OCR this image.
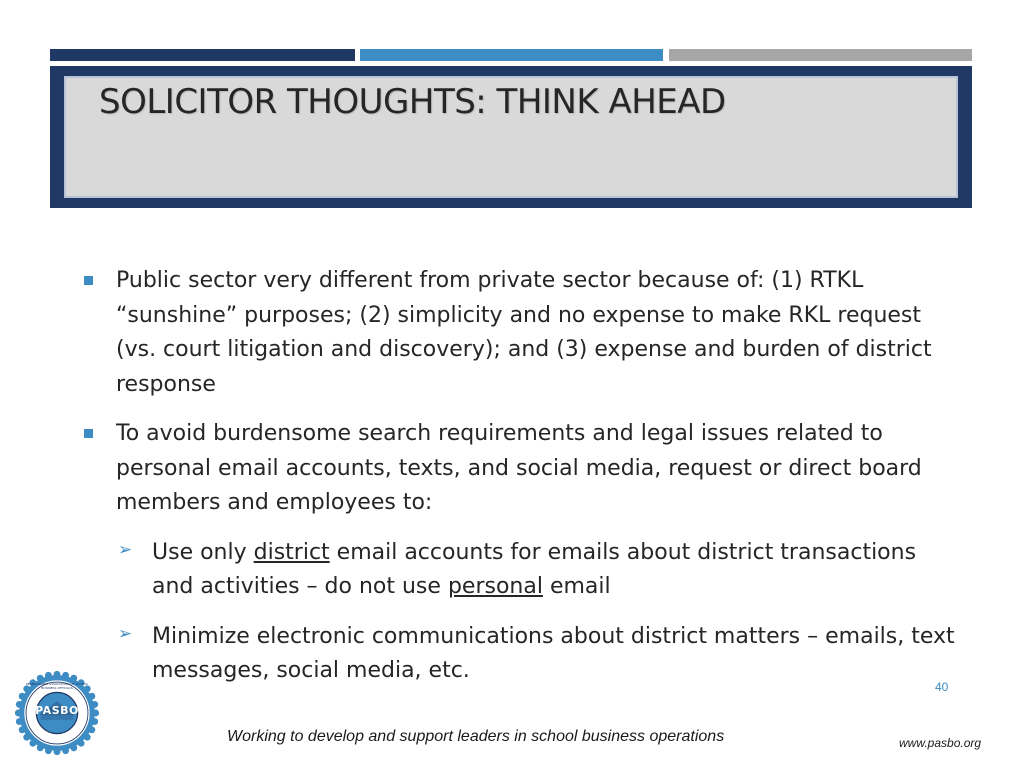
SOLICITOR THOUGHTS: THINK AHEAD
Public sector very different from private sector because of: (1) RTKL “sunshine” purposes; (2) simplicity and no expense to make RKL request (vs. court litigation and discovery); and (3) expense and burden of district response
To avoid burdensome search requirements and legal issues related to personal email accounts, texts, and social media, request or direct board members and employees to:
➢ Use only district email accounts for emails about district transactions and activities – do not use personal email
➢ Minimize electronic communications about district matters – emails, text messages, social media, etc.
40
PASBO
PENNSYLVANIA ASSOCIATION OF SCHOOL BUSINESS OFFICIALS
Working to develop and support leaders in school business operations	www.pasbo.org
